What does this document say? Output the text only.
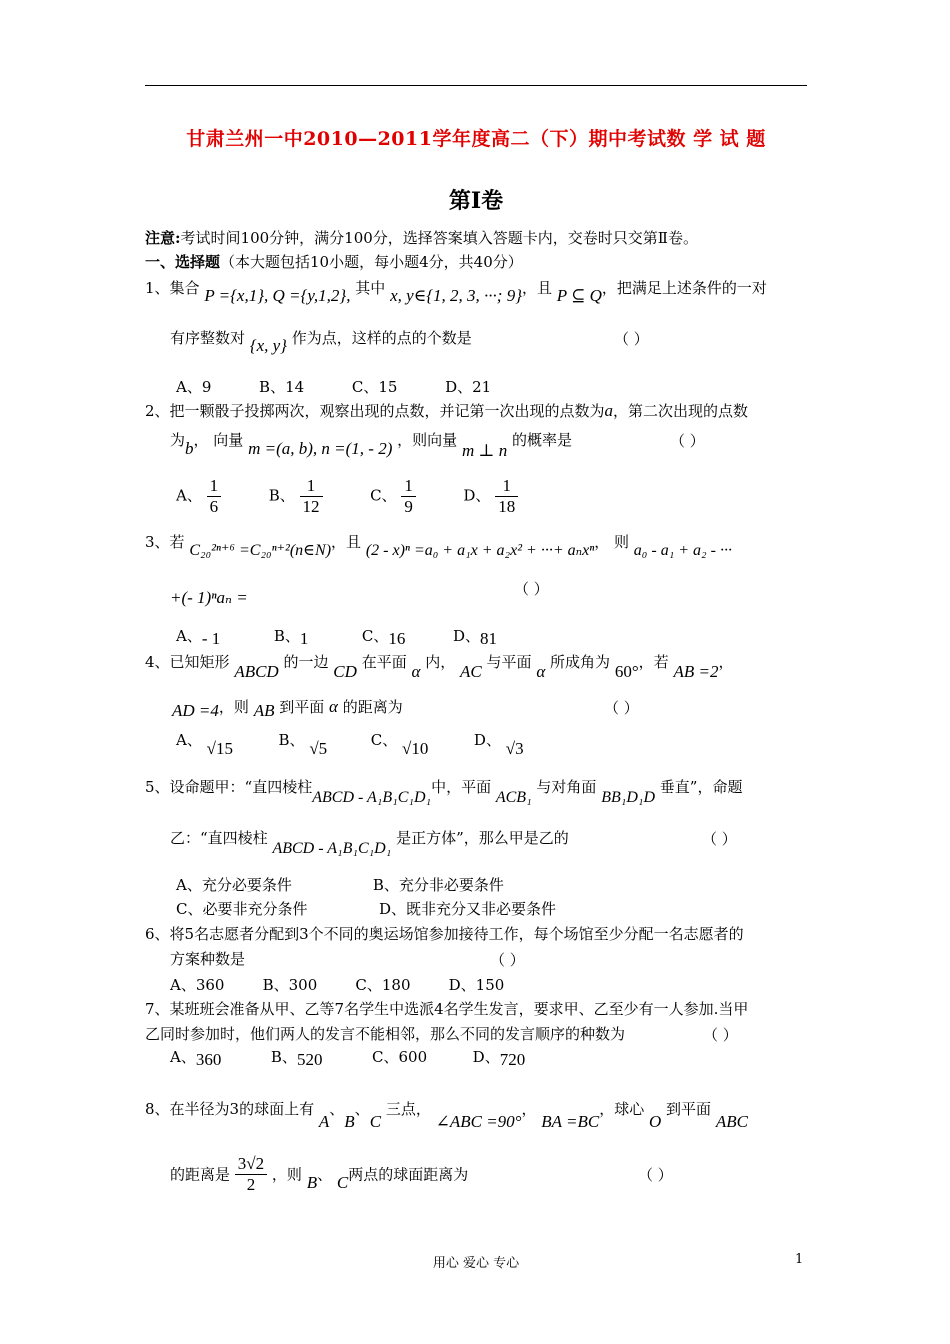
甘肃兰州一中2010—2011学年度高二（下）期中考试数 学 试 题
第Ⅰ卷
注意:考试时间100分钟，满分100分，选择答案填入答题卡内，交卷时只交第Ⅱ卷。
一、选择题（本大题包括10小题，每小题4分，共40分）
1、集合 P ={x,1}, Q ={y,1,2}, 其中 x, y∈{1, 2, 3, ···; 9}，且 P ⊆ Q，把满足上述条件的一对
有序整数对 {x, y} 作为点，这样的点的个数是	（ ）
A、9          B、14          C、15          D、21
2、把一颗骰子投掷两次，观察出现的点数，并记第一次出现的点数为a，第二次出现的点数
为b， 向量 m =(a, b), n =(1, - 2) ，则向量 m ⊥ n 的概率是	（ ）
A、 $\frac{1}{6}$	B、 $\frac{1}{12}$	C、 $\frac{1}{9}$	D、 $\frac{1}{18}$
3、若 C₂₀²ⁿ⁺⁶ =C₂₀ⁿ⁺²(n∈N)，且 (2 - x)ⁿ =a₀ + a₁x + a₂x² + ···+ aₙxⁿ， 则 a₀ - a₁ + a₂ - ···
+(- 1)ⁿaₙ =	（ ）
A、- 1	B、1	C、16	D、81
4、已知矩形 ABCD 的一边 CD 在平面 α 内， AC 与平面 α 所成角为 60°，若 AB =2，
AD =4，则 AB 到平面 α 的距离为	（ ）
A、 √15	B、 √5	C、 √10	D、 √3
5、设命题甲：“直四棱柱ABCD - A₁B₁C₁D₁中，平面 ACB₁ 与对角面 BB₁D₁D 垂直”，命题
乙：“直四棱柱 ABCD - A₁B₁C₁D₁ 是正方体”，那么甲是乙的	（ ）
A、充分必要条件                 B、充分非必要条件
C、必要非充分条件               D、既非充分又非必要条件
6、将5名志愿者分配到3个不同的奥运场馆参加接待工作，每个场馆至少分配一名志愿者的
方案种数是	（ ）
A、360        B、300        C、180        D、150
7、某班班会准备从甲、乙等7名学生中选派4名学生发言，要求甲、乙至少有一人参加.当甲
乙同时参加时，他们两人的发言不能相邻，那么不同的发言顺序的种数为	（ ）
A、360	B、520	C、600	D、720
8、在半径为3的球面上有 A、B、C 三点， ∠ABC =90°， BA =BC，球心 O 到平面 ABC
的距离是 $\frac{3√2}{2}$ ，则 B、 C两点的球面距离为	（ ）
用心 爱心 专心	1
